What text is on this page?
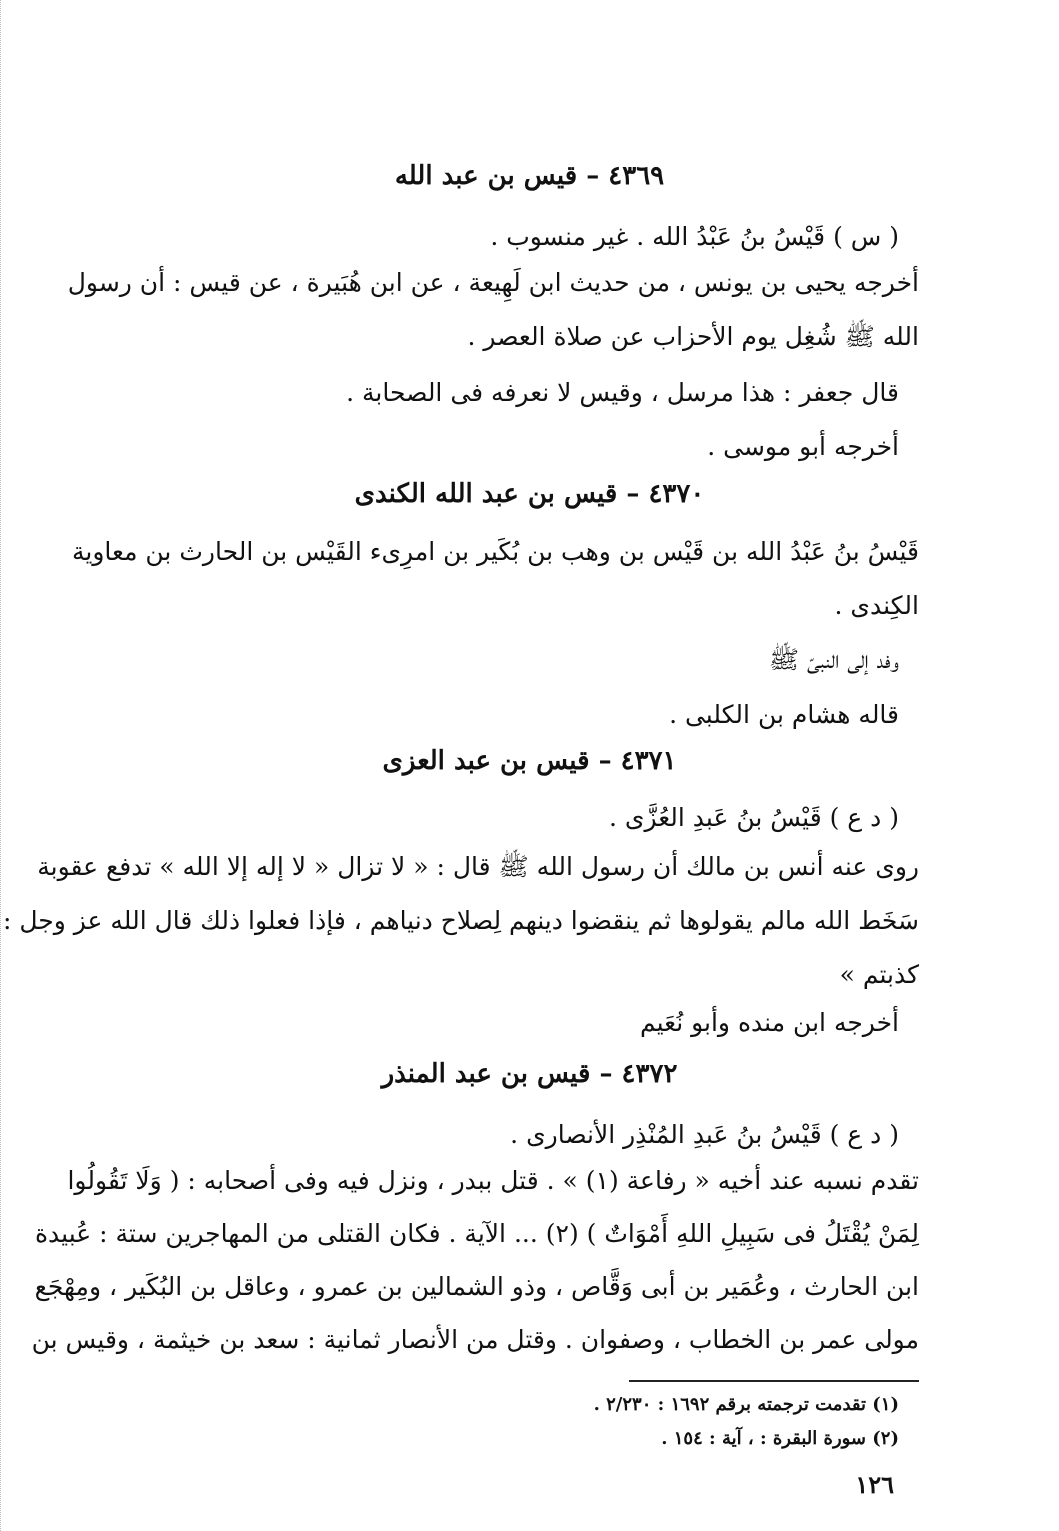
٤٣٦٩ – قيس بن عبد الله
( س ) قَيْسُ بنُ عَبْدُ الله . غير منسوب .
أخرجه يحيى بن يونس ، من حديث ابن لَهِيعة ، عن ابن هُبَيرة ، عن قيس : أن رسول
الله ﷺ شُغِل يوم الأحزاب عن صلاة العصر .
قال جعفر : هذا مرسل ، وقيس لا نعرفه فى الصحابة .
أخرجه أبو موسى .
٤٣٧٠ – قيس بن عبد الله الكندى
قَيْسُ بنُ عَبْدُ الله بن قَيْس بن وهب بن بُكَير بن امرِىء القَيْس بن الحارث بن معاوية
الكِندى .
وفد إلى النبىّ ﷺ
قاله هشام بن الكلبى .
٤٣٧١ – قيس بن عبد العزى
( د ع ) قَيْسُ بنُ عَبدِ العُزَّى .
روى عنه أنس بن مالك أن رسول الله ﷺ قال : « لا تزال « لا إله إلا الله » تدفع عقوبة
سَخَط الله مالم يقولوها ثم ينقضوا دينهم لِصلاح دنياهم ، فإذا فعلوا ذلك قال الله عز وجل :
كذبتم »
أخرجه ابن منده وأبو نُعَيم
٤٣٧٢ – قيس بن عبد المنذر
( د ع ) قَيْسُ بنُ عَبدِ المُنْذِر الأنصارى .
تقدم نسبه عند أخيه « رفاعة (١) » . قتل ببدر ، ونزل فيه وفى أصحابه : ( وَلَا تَقُولُوا
لِمَنْ يُقْتَلُ فى سَبِيلِ اللهِ أَمْوَاتٌ ) (٢) ... الآية . فكان القتلى من المهاجرين ستة : عُبيدة
ابن الحارث ، وعُمَير بن أبى وَقَّاص ، وذو الشمالين بن عمرو ، وعاقل بن البُكَير ، ومِهْجَع
مولى عمر بن الخطاب ، وصفوان . وقتل من الأنصار ثمانية : سعد بن خيثمة ، وقيس بن
(١) تقدمت ترجمته برقم ١٦٩٢ : ٢/٢٣٠ .
(٢) سورة البقرة : ، آية : ١٥٤ .
١٢٦
